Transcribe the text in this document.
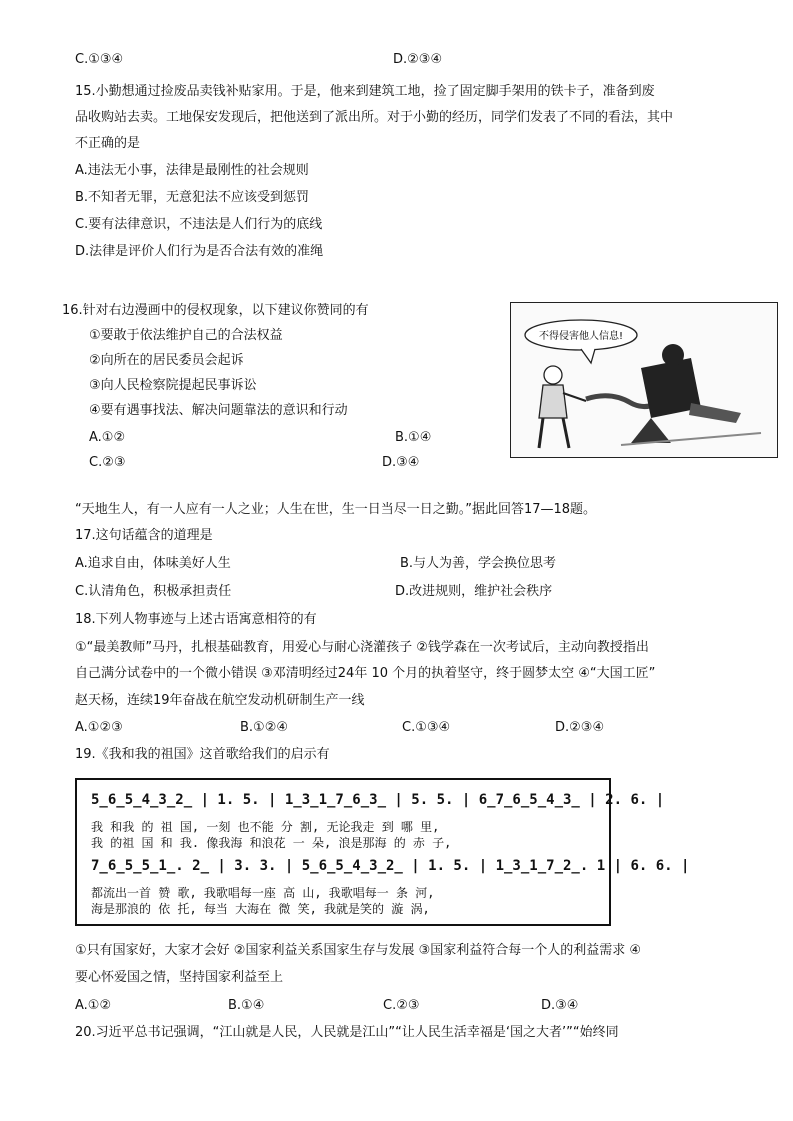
C.①③④	D.②③④
15.小勤想通过捡废品卖钱补贴家用。于是，他来到建筑工地，捡了固定脚手架用的铁卡子，准备到废
品收购站去卖。工地保安发现后，把他送到了派出所。对于小勤的经历，同学们发表了不同的看法，其中
不正确的是
A.违法无小事，法律是最刚性的社会规则
B.不知者无罪，无意犯法不应该受到惩罚
C.要有法律意识，不违法是人们行为的底线
D.法律是评价人们行为是否合法有效的准绳
16.针对右边漫画中的侵权现象，以下建议你赞同的有
①要敢于依法维护自己的合法权益
②向所在的居民委员会起诉
③向人民检察院提起民事诉讼
④要有遇事找法、解决问题靠法的意识和行动
A.①②	B.①④
C.②③	D.③④
不得侵害他人信息!
“天地生人，有一人应有一人之业；人生在世，生一日当尽一日之勤。”据此回答17—18题。
17.这句话蕴含的道理是
A.追求自由，体味美好人生	B.与人为善，学会换位思考
C.认清角色，积极承担责任	D.改进规则，维护社会秩序
18.下列人物事迹与上述古语寓意相符的有
①“最美教师”马丹，扎根基础教育，用爱心与耐心浇灌孩子 ②钱学森在一次考试后，主动向教授指出
自己满分试卷中的一个微小错误 ③邓清明经过24年 10 个月的执着坚守，终于圆梦太空 ④“大国工匠”
赵天杨，连续19年奋战在航空发动机研制生产一线
A.①②③	B.①②④	C.①③④	D.②③④
19.《我和我的祖国》这首歌给我们的启示有
5̲6̲5̲4̲3̲2̲ | 1. 5. | 1̲3̲1̲7̲6̲3̲ | 5. 5. | 6̲7̲6̲5̲4̲3̲ | 2. 6. |
我 和我 的 祖 国, 一刻 也不能 分 割, 无论我走 到 哪 里,
我 的祖 国 和 我. 像我海 和浪花 一 朵, 浪是那海 的 赤 子,
7̲6̲5̲5̲1̲. 2̲ | 3. 3. | 5̲6̲5̲4̲3̲2̲ | 1. 5. | 1̲3̲1̲7̲2̲. 1 | 6. 6. |
都流出一首 赞 歌, 我歌唱每一座 高 山, 我歌唱每一 条 河,
海是那浪的 依 托, 每当 大海在 微 笑, 我就是笑的 漩 涡,
①只有国家好，大家才会好 ②国家利益关系国家生存与发展 ③国家利益符合每一个人的利益需求 ④
要心怀爱国之情，坚持国家利益至上
A.①②	B.①④	C.②③	D.③④
20.习近平总书记强调，“江山就是人民，人民就是江山”“让人民生活幸福是‘国之大者’”“始终同
